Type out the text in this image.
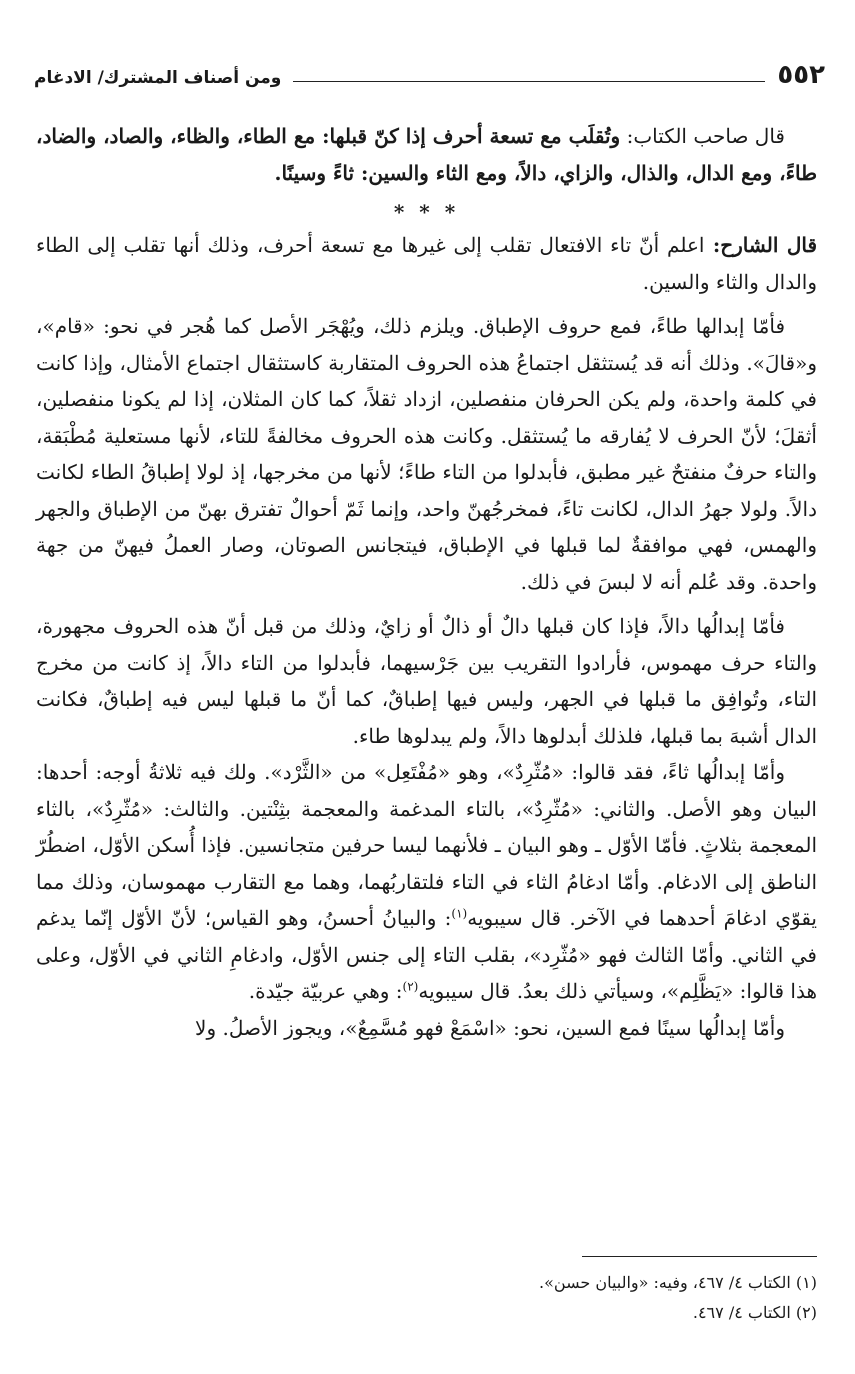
٥٥٢
ومن أصناف المشترك/ الادغام

قال صاحب الكتاب: وتُقلَب مع تسعة أحرف إذا كنّ قبلها: مع الطاء، والظاء، والصاد، والضاد، طاءً، ومع الدال، والذال، والزاي، دالاً، ومع الثاء والسين: ثاءً وسينًا.

* * *

قال الشارح: اعلم أنّ تاء الافتعال تقلب إلى غيرها مع تسعة أحرف، وذلك أنها تقلب إلى الطاء والدال والثاء والسين.

فأمّا إبدالها طاءً، فمع حروف الإطباق. ويلزم ذلك، ويُهْجَر الأصل كما هُجر في نحو: «قام»، و«قالَ». وذلك أنه قد يُستثقل اجتماعُ هذه الحروف المتقاربة كاستثقال اجتماع الأمثال، وإذا كانت في كلمة واحدة، ولم يكن الحرفان منفصلين، ازداد ثقلاً، كما كان المثلان، إذا لم يكونا منفصلين، أثقلَ؛ لأنّ الحرف لا يُفارقه ما يُستثقل. وكانت هذه الحروف مخالفةً للتاء، لأنها مستعلية مُطْبَقة، والتاء حرفٌ منفتحٌ غير مطبق، فأبدلوا من التاء طاءً؛ لأنها من مخرجها، إذ لولا إطباقُ الطاء لكانت دالاً. ولولا جهرُ الدال، لكانت تاءً، فمخرجُهنّ واحد، وإنما ثَمّ أحوالٌ تفترق بهنّ من الإطباق والجهر والهمس، فهي موافقةٌ لما قبلها في الإطباق، فيتجانس الصوتان، وصار العملُ فيهنّ من جهة واحدة. وقد عُلم أنه لا لبسَ في ذلك.

فأمّا إبدالُها دالاً، فإذا كان قبلها دالٌ أو ذالٌ أو زايٌ، وذلك من قبل أنّ هذه الحروف مجهورة، والتاء حرف مهموس، فأرادوا التقريب بين جَرْسيهما، فأبدلوا من التاء دالاً، إذ كانت من مخرج التاء، وتُوافِق ما قبلها في الجهر، وليس فيها إطباقٌ، كما أنّ ما قبلها ليس فيه إطباقٌ، فكانت الدال أشبهَ بما قبلها، فلذلك أبدلوها دالاً، ولم يبدلوها طاء.

وأمّا إبدالُها ثاءً، فقد قالوا: «مُثّرِدٌ»، وهو «مُفْتَعِل» من «الثَّرْد». ولك فيه ثلاثةُ أوجه: أحدها: البيان وهو الأصل. والثاني: «مُثّرِدٌ»، بالتاء المدغمة والمعجمة بثِنْتين. والثالث: «مُثّرِدٌ»، بالثاء المعجمة بثلاثٍ. فأمّا الأوّل ـ وهو البيان ـ فلأنهما ليسا حرفين متجانسين. فإذا أُسكن الأوّل، اضطُرّ الناطق إلى الادغام. وأمّا ادغامُ الثاء في التاء فلتقاربُهما، وهما مع التقارب مهموسان، وذلك مما يقوّي ادغامَ أحدهما في الآخر. قال سيبويه$^{(١)}$: والبيانُ أحسنُ، وهو القياس؛ لأنّ الأوّل إنّما يدغم في الثاني. وأمّا الثالث فهو «مُثّرِد»، بقلب التاء إلى جنس الأوّل، وادغامِ الثاني في الأوّل، وعلى هذا قالوا: «يَظَّلِم»، وسيأتي ذلك بعدُ. قال سيبويه$^{(٢)}$: وهي عربيّة جيّدة.

وأمّا إبدالُها سينًا فمع السين، نحو: «اسْمَعْ فهو مُسَّمِعٌ»، ويجوز الأصلُ. ولا

(١) الكتاب ٤/ ٤٦٧، وفيه: «والبيان حسن».
(٢) الكتاب ٤/ ٤٦٧.
